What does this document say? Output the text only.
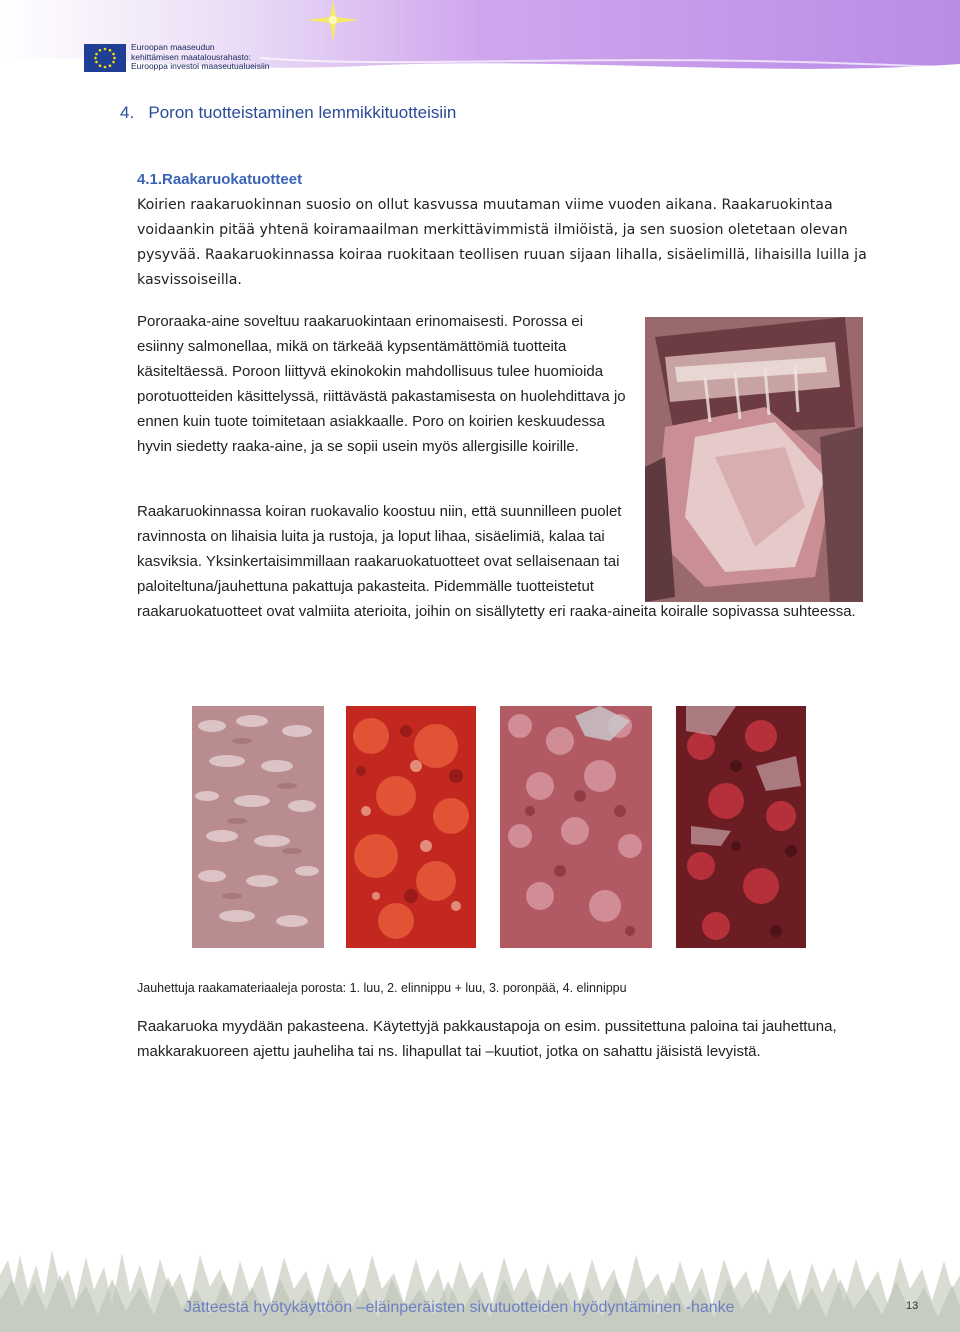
Euroopan maaseudun
kehittämisen maatalousrahasto:
Eurooppa investoi maaseutualueisiin
4. Poron tuotteistaminen lemmikkituotteisiin
4.1.Raakaruokatuotteet

Koirien raakaruokinnan suosio on ollut kasvussa muutaman viime vuoden aikana. Raakaruokintaa voidaankin pitää yhtenä koiramaailman merkittävimmistä ilmiöistä, ja sen suosion oletetaan olevan pysyvää. Raakaruokinnassa koiraa ruokitaan teollisen ruuan sijaan lihalla, sisäelimillä, lihaisilla luilla ja kasvissoiseilla.

Pororaaka-aine soveltuu raakaruokintaan erinomaisesti. Porossa ei esiinny salmonellaa, mikä on tärkeää kypsentämättömiä tuotteita käsiteltäessä. Poroon liittyvä ekinokokin mahdollisuus tulee huomioida porotuotteiden käsittelyssä, riittävästä pakastamisesta on huolehdittava jo ennen kuin tuote toimitetaan asiakkaalle. Poro on koirien keskuudessa hyvin siedetty raaka-aine, ja se sopii usein myös allergisille koirille.

Raakaruokinnassa koiran ruokavalio koostuu niin, että suunnilleen puolet ravinnosta on lihaisia luita ja rustoja, ja loput lihaa, sisäelimiä, kalaa tai kasviksia. Yksinkertaisimmillaan raakaruokatuotteet ovat sellaisenaan tai paloiteltuna/jauhettuna pakattuja pakasteita. Pidemmälle tuotteistetut
raakaruokatuotteet ovat valmiita aterioita, joihin on sisällytetty eri raaka-aineita koiralle sopivassa suhteessa.
Jauhettuja raakamateriaaleja porosta: 1. luu, 2. elinnippu + luu, 3. poronpää, 4. elinnippu

Raakaruoka myydään pakasteena. Käytettyjä pakkaustapoja on esim. pussitettuna paloina tai jauhettuna, makkarakuoreen ajettu jauheliha tai ns. lihapullat tai –kuutiot, jotka on sahattu jäisistä levyistä.

Jätteestä hyötykäyttöön –eläinperäisten sivutuotteiden hyödyntäminen -hanke	13
